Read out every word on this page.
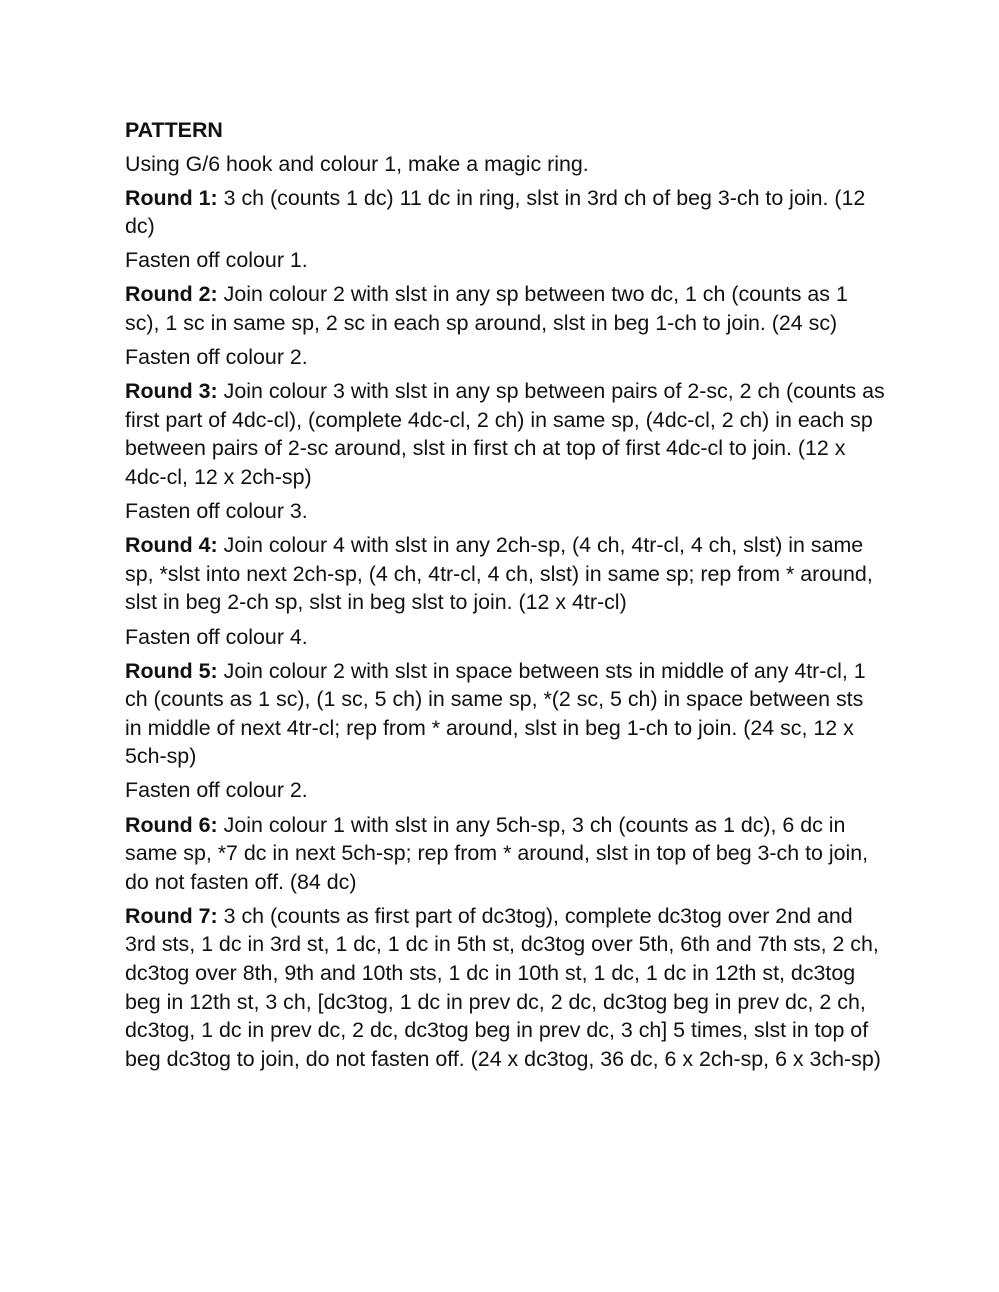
PATTERN
Using G/6 hook and colour 1, make a magic ring.
Round 1: 3 ch (counts 1 dc) 11 dc in ring, slst in 3rd ch of beg 3-ch to join. (12 dc)
Fasten off colour 1.
Round 2: Join colour 2 with slst in any sp between two dc, 1 ch (counts as 1 sc), 1 sc in same sp, 2 sc in each sp around, slst in beg 1-ch to join. (24 sc)
Fasten off colour 2.
Round 3: Join colour 3 with slst in any sp between pairs of 2-sc, 2 ch (counts as first part of 4dc-cl), (complete 4dc-cl, 2 ch) in same sp, (4dc-cl, 2 ch) in each sp between pairs of 2-sc around, slst in first ch at top of first 4dc-cl to join. (12 x 4dc-cl, 12 x 2ch-sp)
Fasten off colour 3.
Round 4: Join colour 4 with slst in any 2ch-sp, (4 ch, 4tr-cl, 4 ch, slst) in same sp, *slst into next 2ch-sp, (4 ch, 4tr-cl, 4 ch, slst) in same sp; rep from * around, slst in beg 2-ch sp, slst in beg slst to join. (12 x 4tr-cl)
Fasten off colour 4.
Round 5: Join colour 2 with slst in space between sts in middle of any 4tr-cl, 1 ch (counts as 1 sc), (1 sc, 5 ch) in same sp, *(2 sc, 5 ch) in space between sts in middle of next 4tr-cl; rep from * around, slst in beg 1-ch to join. (24 sc, 12 x 5ch-sp)
Fasten off colour 2.
Round 6: Join colour 1 with slst in any 5ch-sp, 3 ch (counts as 1 dc), 6 dc in same sp, *7 dc in next 5ch-sp; rep from * around, slst in top of beg 3-ch to join, do not fasten off. (84 dc)
Round 7: 3 ch (counts as first part of dc3tog), complete dc3tog over 2nd and 3rd sts, 1 dc in 3rd st, 1 dc, 1 dc in 5th st, dc3tog over 5th, 6th and 7th sts, 2 ch, dc3tog over 8th, 9th and 10th sts, 1 dc in 10th st, 1 dc, 1 dc in 12th st, dc3tog beg in 12th st, 3 ch, [dc3tog, 1 dc in prev dc, 2 dc, dc3tog beg in prev dc, 2 ch, dc3tog, 1 dc in prev dc, 2 dc, dc3tog beg in prev dc, 3 ch] 5 times, slst in top of beg dc3tog to join, do not fasten off. (24 x dc3tog, 36 dc, 6 x 2ch-sp, 6 x 3ch-sp)
